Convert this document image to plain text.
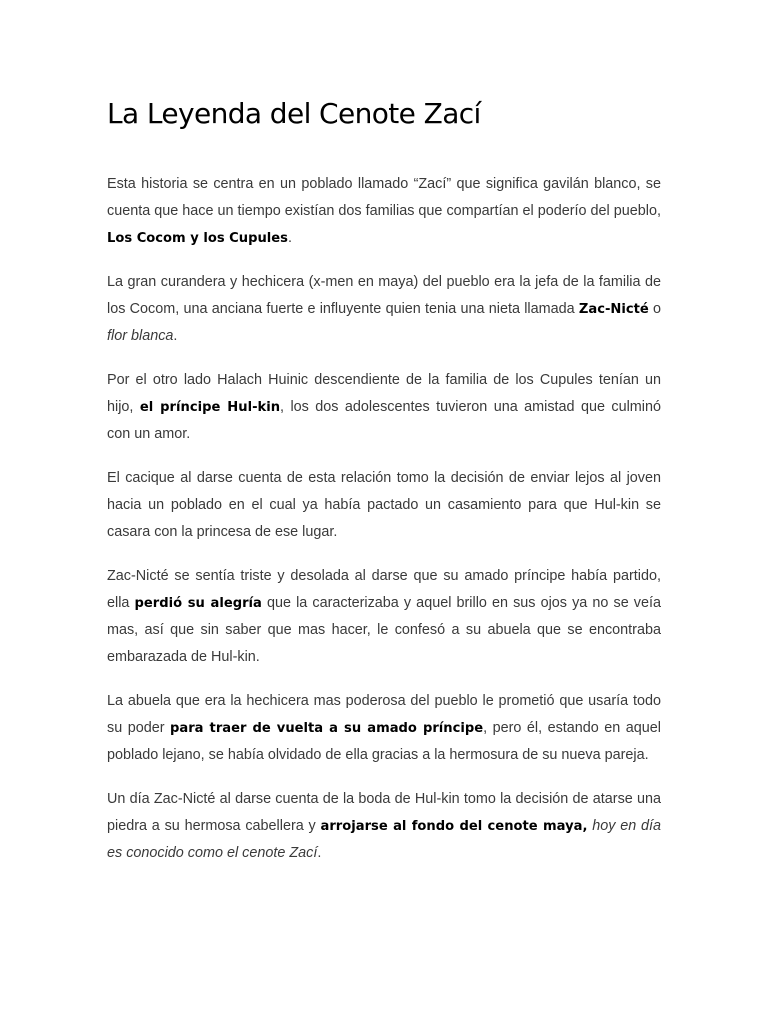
La Leyenda del Cenote Zací

Esta historia se centra en un poblado llamado “Zací” que significa gavilán blanco, se cuenta que hace un tiempo existían dos familias que compartían el poderío del pueblo, Los Cocom y los Cupules.

La gran curandera y hechicera (x-men en maya) del pueblo era la jefa de la familia de los Cocom, una anciana fuerte e influyente quien tenia una nieta llamada Zac-Nicté o flor blanca.

Por el otro lado Halach Huinic descendiente de la familia de los Cupules tenían un hijo, el príncipe Hul-kin, los dos adolescentes tuvieron una amistad que culminó con un amor.

El cacique al darse cuenta de esta relación tomo la decisión de enviar lejos al joven hacia un poblado en el cual ya había pactado un casamiento para que Hul-kin se casara con la princesa de ese lugar.

Zac-Nicté se sentía triste y desolada al darse que su amado príncipe había partido, ella perdió su alegría que la caracterizaba y aquel brillo en sus ojos ya no se veía mas, así que sin saber que mas hacer, le confesó a su abuela que se encontraba embarazada de Hul-kin.

La abuela que era la hechicera mas poderosa del pueblo le prometió que usaría todo su poder para traer de vuelta a su amado príncipe, pero él, estando en aquel poblado lejano, se había olvidado de ella gracias a la hermosura de su nueva pareja.

Un día Zac-Nicté al darse cuenta de la boda de Hul-kin tomo la decisión de atarse una piedra a su hermosa cabellera y arrojarse al fondo del cenote maya, hoy en día es conocido como el cenote Zací.
